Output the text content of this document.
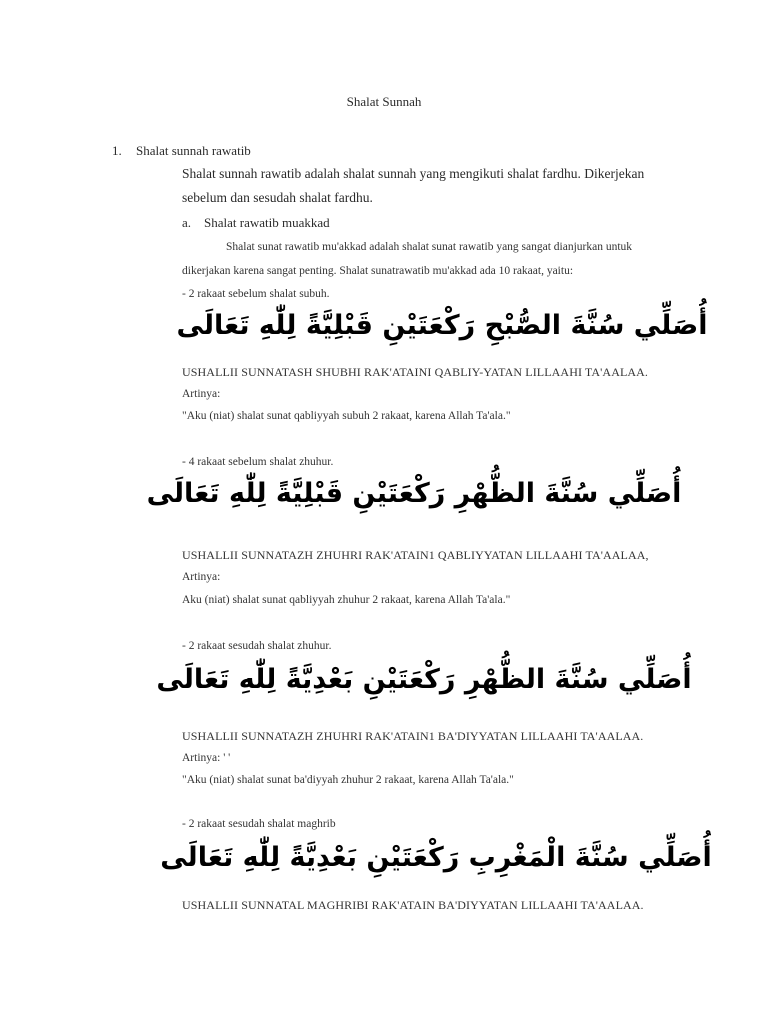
Shalat Sunnah
1. Shalat sunnah rawatib
Shalat sunnah rawatib adalah shalat sunnah yang mengikuti shalat fardhu. Dikerjekan
sebelum dan sesudah shalat fardhu.
a. Shalat rawatib muakkad
Shalat sunat rawatib mu'akkad adalah shalat sunat rawatib yang sangat dianjurkan untuk
dikerjakan karena sangat penting. Shalat sunatrawatib mu'akkad ada 10 rakaat, yaitu:
- 2 rakaat sebelum shalat subuh.
أُصَلِّي سُنَّةَ الصُّبْحِ رَكْعَتَيْنِ قَبْلِيَّةً لِلّٰهِ تَعَالَى
USHALLII SUNNATASH SHUBHI RAK'ATAINI QABLIY-YATAN LILLAAHI TA'AALAA.
Artinya:
"Aku (niat) shalat sunat qabliyyah subuh 2 rakaat, karena Allah Ta'ala."
- 4 rakaat sebelum shalat zhuhur.
أُصَلِّي سُنَّةَ الظُّهْرِ رَكْعَتَيْنِ قَبْلِيَّةً لِلّٰهِ تَعَالَى
USHALLII SUNNATAZH ZHUHRI RAK'ATAIN1 QABLIYYATAN LILLAAHI TA'AALAA,
Artinya:
Aku (niat) shalat sunat qabliyyah zhuhur 2 rakaat, karena Allah Ta'ala."
- 2 rakaat sesudah shalat zhuhur.
أُصَلِّي سُنَّةَ الظُّهْرِ رَكْعَتَيْنِ بَعْدِيَّةً لِلّٰهِ تَعَالَى
USHALLII SUNNATAZH ZHUHRI RAK'ATAIN1 BA'DIYYATAN LILLAAHI TA'AALAA.
Artinya: ' '
"Aku (niat) shalat sunat ba'diyyah zhuhur 2 rakaat, karena Allah Ta'ala."
- 2 rakaat sesudah shalat maghrib
أُصَلِّي سُنَّةَ الْمَغْرِبِ رَكْعَتَيْنِ بَعْدِيَّةً لِلّٰهِ تَعَالَى
USHALLII SUNNATAL MAGHRIBI RAK'ATAIN BA'DIYYATAN LILLAAHI TA'AALAA.
